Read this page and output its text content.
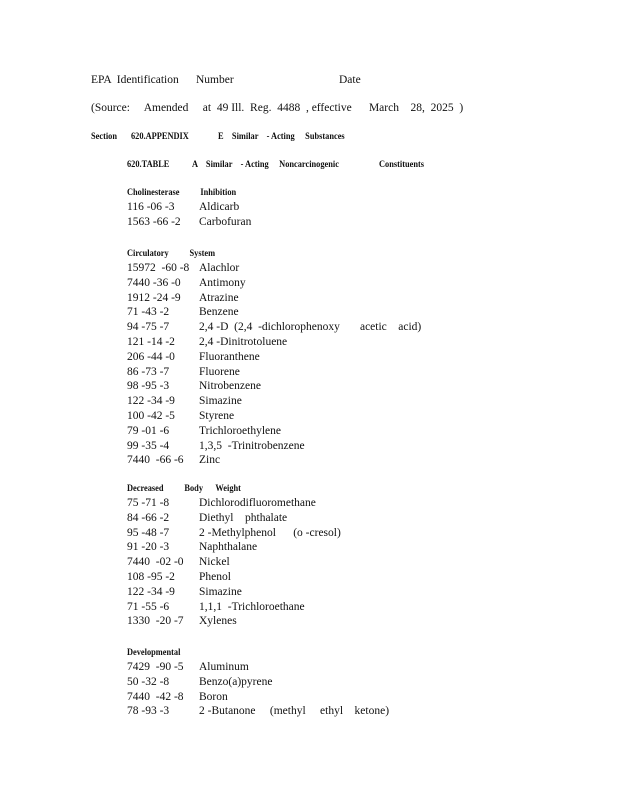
EPA  Identification      Number	Date
(Source:     Amended     at  49 Ill.  Reg.  4488  , effective      March    28,  2025  )
Section 620.APPENDIX	E    Similar    - Acting     Substances
620.TABLE A    Similar    - Acting     Noncarcinogenic	Constituents
Cholinesterase          Inhibition
116 -06 -3 Aldicarb
1563 -66 -2 Carbofuran
Circulatory          System
15972  -60 -8 Alachlor
7440 -36 -0 Antimony
1912 -24 -9 Atrazine
71 -43 -2	Benzene
94 -75 -7	2,4 -D  (2,4  -dichlorophenoxy       acetic    acid)
121 -14 -2 2,4 -Dinitrotoluene
206 -44 -0 Fluoranthene
86 -73 -7	Fluorene
98 -95 -3	Nitrobenzene
122 -34 -9 Simazine
100 -42 -5 Styrene
79 -01 -6	Trichloroethylene
99 -35 -4	1,3,5  -Trinitrobenzene
7440  -66 -6 Zinc
Decreased          Body      Weight
75 -71 -8	Dichlorodifluoromethane
84 -66 -2	Diethyl    phthalate
95 -48 -7	2 -Methylphenol      (o -cresol)
91 -20 -3	Naphthalane
7440  -02 -0 Nickel
108 -95 -2 Phenol
122 -34 -9 Simazine
71 -55 -6	1,1,1  -Trichloroethane
1330  -20 -7 Xylenes
Developmental
7429  -90 -5 Aluminum
50 -32 -8	Benzo(a)pyrene
7440  -42 -8 Boron
78 -93 -3	2 -Butanone     (methyl     ethyl    ketone)
